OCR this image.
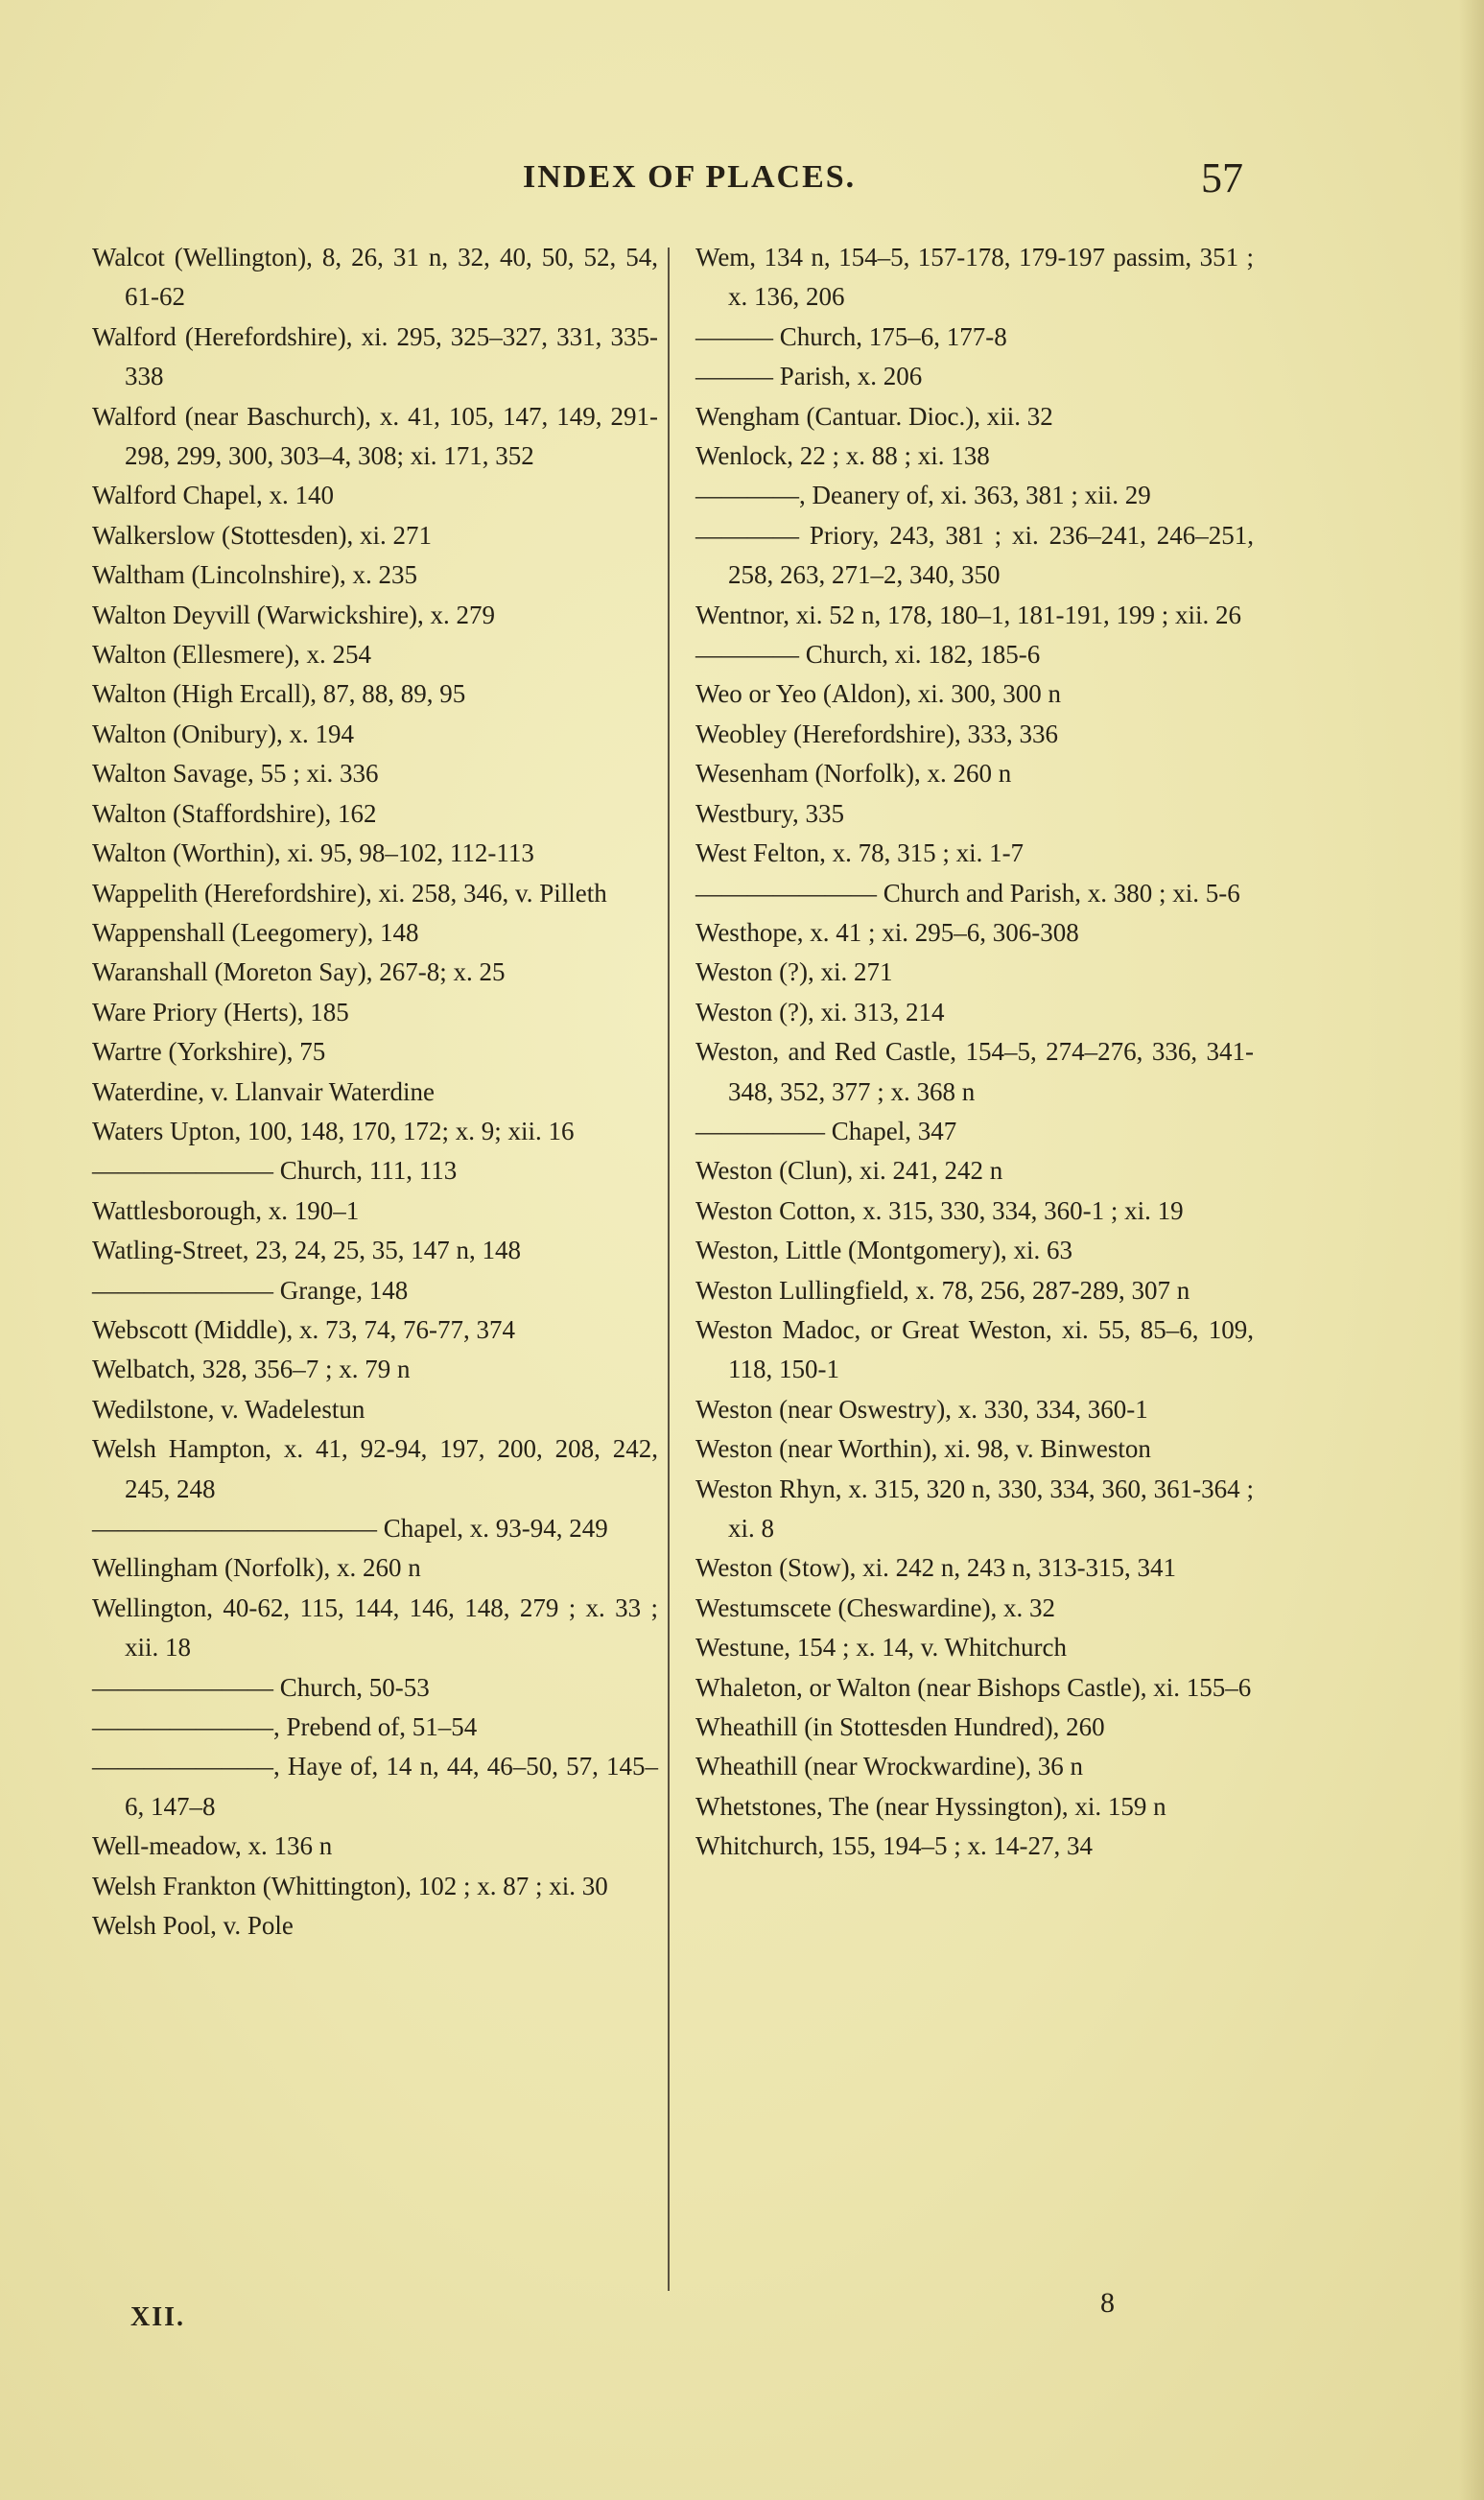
INDEX OF PLACES.	57
Walcot (Wellington), 8, 26, 31 n, 32, 40, 50, 52, 54, 61-62
Walford (Herefordshire), xi. 295, 325–327, 331, 335-338
Walford (near Baschurch), x. 41, 105, 147, 149, 291-298, 299, 300, 303–4, 308; xi. 171, 352
Walford Chapel, x. 140
Walkerslow (Stottesden), xi. 271
Waltham (Lincolnshire), x. 235
Walton Deyvill (Warwickshire), x. 279
Walton (Ellesmere), x. 254
Walton (High Ercall), 87, 88, 89, 95
Walton (Onibury), x. 194
Walton Savage, 55 ; xi. 336
Walton (Staffordshire), 162
Walton (Worthin), xi. 95, 98–102, 112-113
Wappelith (Herefordshire), xi. 258, 346, v. Pilleth
Wappenshall (Leegomery), 148
Waranshall (Moreton Say), 267-8; x. 25
Ware Priory (Herts), 185
Wartre (Yorkshire), 75
Waterdine, v. Llanvair Waterdine
Waters Upton, 100, 148, 170, 172; x. 9; xii. 16
——————— Church, 111, 113
Wattlesborough, x. 190–1
Watling-Street, 23, 24, 25, 35, 147 n, 148
——————— Grange, 148
Webscott (Middle), x. 73, 74, 76-77, 374
Welbatch, 328, 356–7 ; x. 79 n
Wedilstone, v. Wadelestun
Welsh Hampton, x. 41, 92-94, 197, 200, 208, 242, 245, 248
——————————— Chapel, x. 93-94, 249
Wellingham (Norfolk), x. 260 n
Wellington, 40-62, 115, 144, 146, 148, 279 ; x. 33 ; xii. 18
——————— Church, 50-53
———————, Prebend of, 51–54
———————, Haye of, 14 n, 44, 46–50, 57, 145–6, 147–8
Well-meadow, x. 136 n
Welsh Frankton (Whittington), 102 ; x. 87 ; xi. 30
Welsh Pool, v. Pole
Wem, 134 n, 154–5, 157-178, 179-197 passim, 351 ; x. 136, 206
——— Church, 175–6, 177-8
——— Parish, x. 206
Wengham (Cantuar. Dioc.), xii. 32
Wenlock, 22 ; x. 88 ; xi. 138
————, Deanery of, xi. 363, 381 ; xii. 29
———— Priory, 243, 381 ; xi. 236–241, 246–251, 258, 263, 271–2, 340, 350
Wentnor, xi. 52 n, 178, 180–1, 181-191, 199 ; xii. 26
———— Church, xi. 182, 185-6
Weo or Yeo (Aldon), xi. 300, 300 n
Weobley (Herefordshire), 333, 336
Wesenham (Norfolk), x. 260 n
Westbury, 335
West Felton, x. 78, 315 ; xi. 1-7
——————— Church and Parish, x. 380 ; xi. 5-6
Westhope, x. 41 ; xi. 295–6, 306-308
Weston (?), xi. 271
Weston (?), xi. 313, 214
Weston, and Red Castle, 154–5, 274–276, 336, 341-348, 352, 377 ; x. 368 n
————— Chapel, 347
Weston (Clun), xi. 241, 242 n
Weston Cotton, x. 315, 330, 334, 360-1 ; xi. 19
Weston, Little (Montgomery), xi. 63
Weston Lullingfield, x. 78, 256, 287-289, 307 n
Weston Madoc, or Great Weston, xi. 55, 85–6, 109, 118, 150-1
Weston (near Oswestry), x. 330, 334, 360-1
Weston (near Worthin), xi. 98, v. Binweston
Weston Rhyn, x. 315, 320 n, 330, 334, 360, 361-364 ; xi. 8
Weston (Stow), xi. 242 n, 243 n, 313-315, 341
Westumscete (Cheswardine), x. 32
Westune, 154 ; x. 14, v. Whitchurch
Whaleton, or Walton (near Bishops Castle), xi. 155–6
Wheathill (in Stottesden Hundred), 260
Wheathill (near Wrockwardine), 36 n
Whetstones, The (near Hyssington), xi. 159 n
Whitchurch, 155, 194–5 ; x. 14-27, 34
XII.	8
